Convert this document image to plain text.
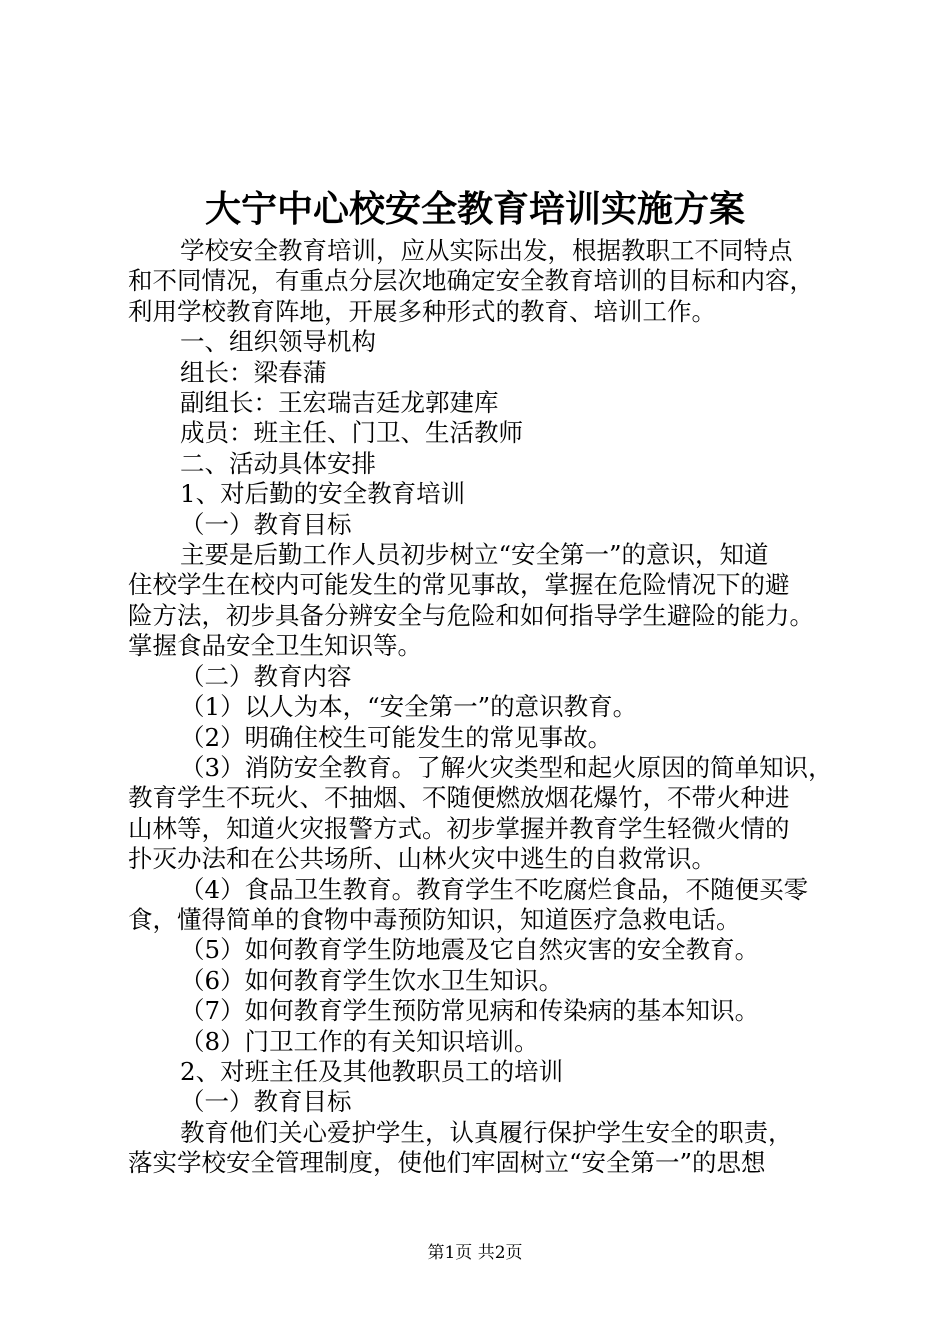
大宁中心校安全教育培训实施方案

学校安全教育培训，应从实际出发，根据教职工不同特点

和不同情况，有重点分层次地确定安全教育培训的目标和内容，

利用学校教育阵地，开展多种形式的教育、培训工作。

一、组织领导机构

组长：梁春蒲

副组长：王宏瑞吉廷龙郭建库

成员：班主任、门卫、生活教师

二、活动具体安排

1、对后勤的安全教育培训

（一）教育目标

主要是后勤工作人员初步树立“安全第一”的意识，知道

住校学生在校内可能发生的常见事故，掌握在危险情况下的避

险方法，初步具备分辨安全与危险和如何指导学生避险的能力。

掌握食品安全卫生知识等。

（二）教育内容

（1）以人为本，“安全第一”的意识教育。

（2）明确住校生可能发生的常见事故。

（3）消防安全教育。了解火灾类型和起火原因的简单知识，

教育学生不玩火、不抽烟、不随便燃放烟花爆竹，不带火种进

山林等，知道火灾报警方式。初步掌握并教育学生轻微火情的

扑灭办法和在公共场所、山林火灾中逃生的自救常识。

（4）食品卫生教育。教育学生不吃腐烂食品，不随便买零

食，懂得简单的食物中毒预防知识，知道医疗急救电话。

（5）如何教育学生防地震及它自然灾害的安全教育。

（6）如何教育学生饮水卫生知识。

（7）如何教育学生预防常见病和传染病的基本知识。

（8）门卫工作的有关知识培训。

2、对班主任及其他教职员工的培训

（一）教育目标

教育他们关心爱护学生，认真履行保护学生安全的职责，

落实学校安全管理制度，使他们牢固树立“安全第一”的思想

第1页 共2页
